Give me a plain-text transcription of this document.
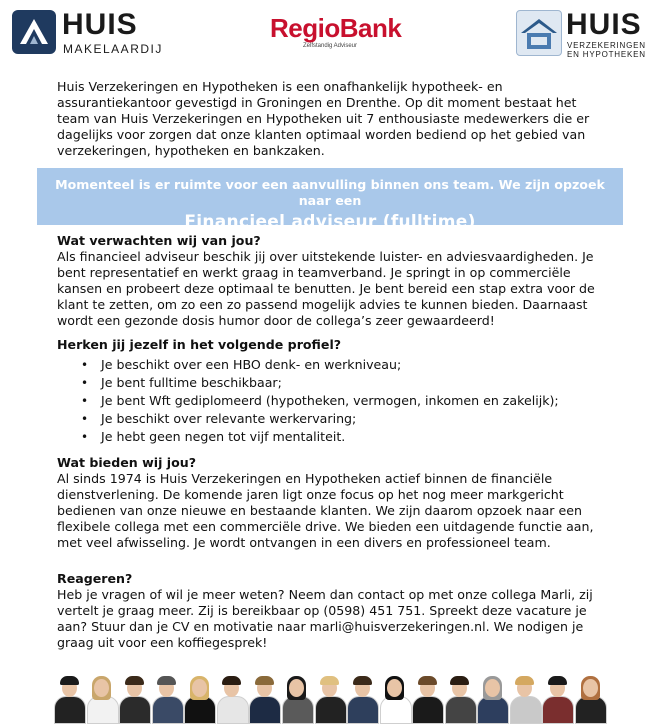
HUIS
MAKELAARDIJ
RegioBank
Zelfstandig Adviseur
HUIS
VERZEKERINGEN
EN HYPOTHEKEN
Huis Verzekeringen en Hypotheken is een onafhankelijk hypotheek- en assurantiekantoor gevestigd in Groningen en Drenthe. Op dit moment bestaat het team van Huis Verzekeringen en Hypotheken uit 7 enthousiaste medewerkers die er dagelijks voor zorgen dat onze klanten optimaal worden bediend op het gebied van verzekeringen, hypotheken en bankzaken.
Momenteel is er ruimte voor een aanvulling binnen ons team. We zijn opzoek naar een
Financieel adviseur (fulltime)
Wat verwachten wij van jou?

Als financieel adviseur beschik jij over uitstekende luister- en adviesvaardigheden. Je bent representatief en werkt graag in teamverband. Je springt in op commerciële kansen en probeert deze optimaal te benutten. Je bent bereid een stap extra voor de klant te zetten, om zo een zo passend mogelijk advies te kunnen bieden. Daarnaast wordt een gezonde dosis humor door de collega’s zeer gewaardeerd!

Herken jij jezelf in het volgende profiel?
• Je beschikt over een HBO denk- en werkniveau;
• Je bent fulltime beschikbaar;
• Je bent Wft gediplomeerd (hypotheken, vermogen, inkomen en zakelijk);
• Je beschikt over relevante werkervaring;
• Je hebt geen negen tot vijf mentaliteit.
Wat bieden wij jou?

Al sinds 1974 is Huis Verzekeringen en Hypotheken actief binnen de financiële dienstverlening. De komende jaren ligt onze focus op het nog meer markgericht bedienen van onze nieuwe en bestaande klanten. We zijn daarom opzoek naar een flexibele collega met een commerciële drive. We bieden een uitdagende functie aan, met veel afwisseling. Je wordt ontvangen in een divers en professioneel team.

Reageren?

Heb je vragen of wil je meer weten? Neem dan contact op met onze collega Marli, zij vertelt je graag meer. Zij is bereikbaar op (0598) 451 751. Spreekt deze vacature je aan? Stuur dan je CV en motivatie naar marli@huisverzekeringen.nl. We nodigen je graag uit voor een koffiegesprek!
